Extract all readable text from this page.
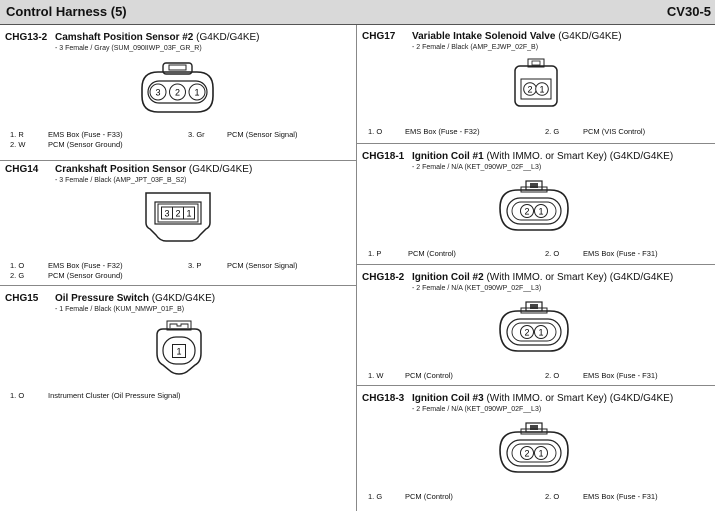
Control Harness (5)	CV30-5
CHG13-2 Camshaft Position Sensor #2 (G4KD/G4KE)
- 3 Female / Gray (SUM_090IIWP_03F_GR_R)
3 2 1
1. R	EMS Box (Fuse - F33)
2. W	PCM (Sensor Ground)
3. Gr	PCM (Sensor Signal)
CHG14 Crankshaft Position Sensor (G4KD/G4KE)
- 3 Female / Black (AMP_JPT_03F_B_S2)
3 2 1
1. O	EMS Box (Fuse - F32)
2. G	PCM (Sensor Ground)
3. P	PCM (Sensor Signal)
CHG15 Oil Pressure Switch (G4KD/G4KE)
- 1 Female / Black (KUM_NMWP_01F_B)
1
1. O	Instrument Cluster (Oil Pressure Signal)
CHG17 Variable Intake Solenoid Valve (G4KD/G4KE)
- 2 Female / Black (AMP_EJWP_02F_B)
2 1
1. O	EMS Box (Fuse - F32)	2. G	PCM (VIS Control)
CHG18-1 Ignition Coil #1 (With IMMO. or Smart Key) (G4KD/G4KE)
- 2 Female / N/A (KET_090WP_02F__L3)
2 1
1. P	PCM (Control)	2. O	EMS Box (Fuse - F31)
CHG18-2 Ignition Coil #2 (With IMMO. or Smart Key) (G4KD/G4KE)
- 2 Female / N/A (KET_090WP_02F__L3)
2 1
1. W	PCM (Control)	2. O	EMS Box (Fuse - F31)
CHG18-3 Ignition Coil #3 (With IMMO. or Smart Key) (G4KD/G4KE)
- 2 Female / N/A (KET_090WP_02F__L3)
2 1
1. G	PCM (Control)	2. O	EMS Box (Fuse - F31)
